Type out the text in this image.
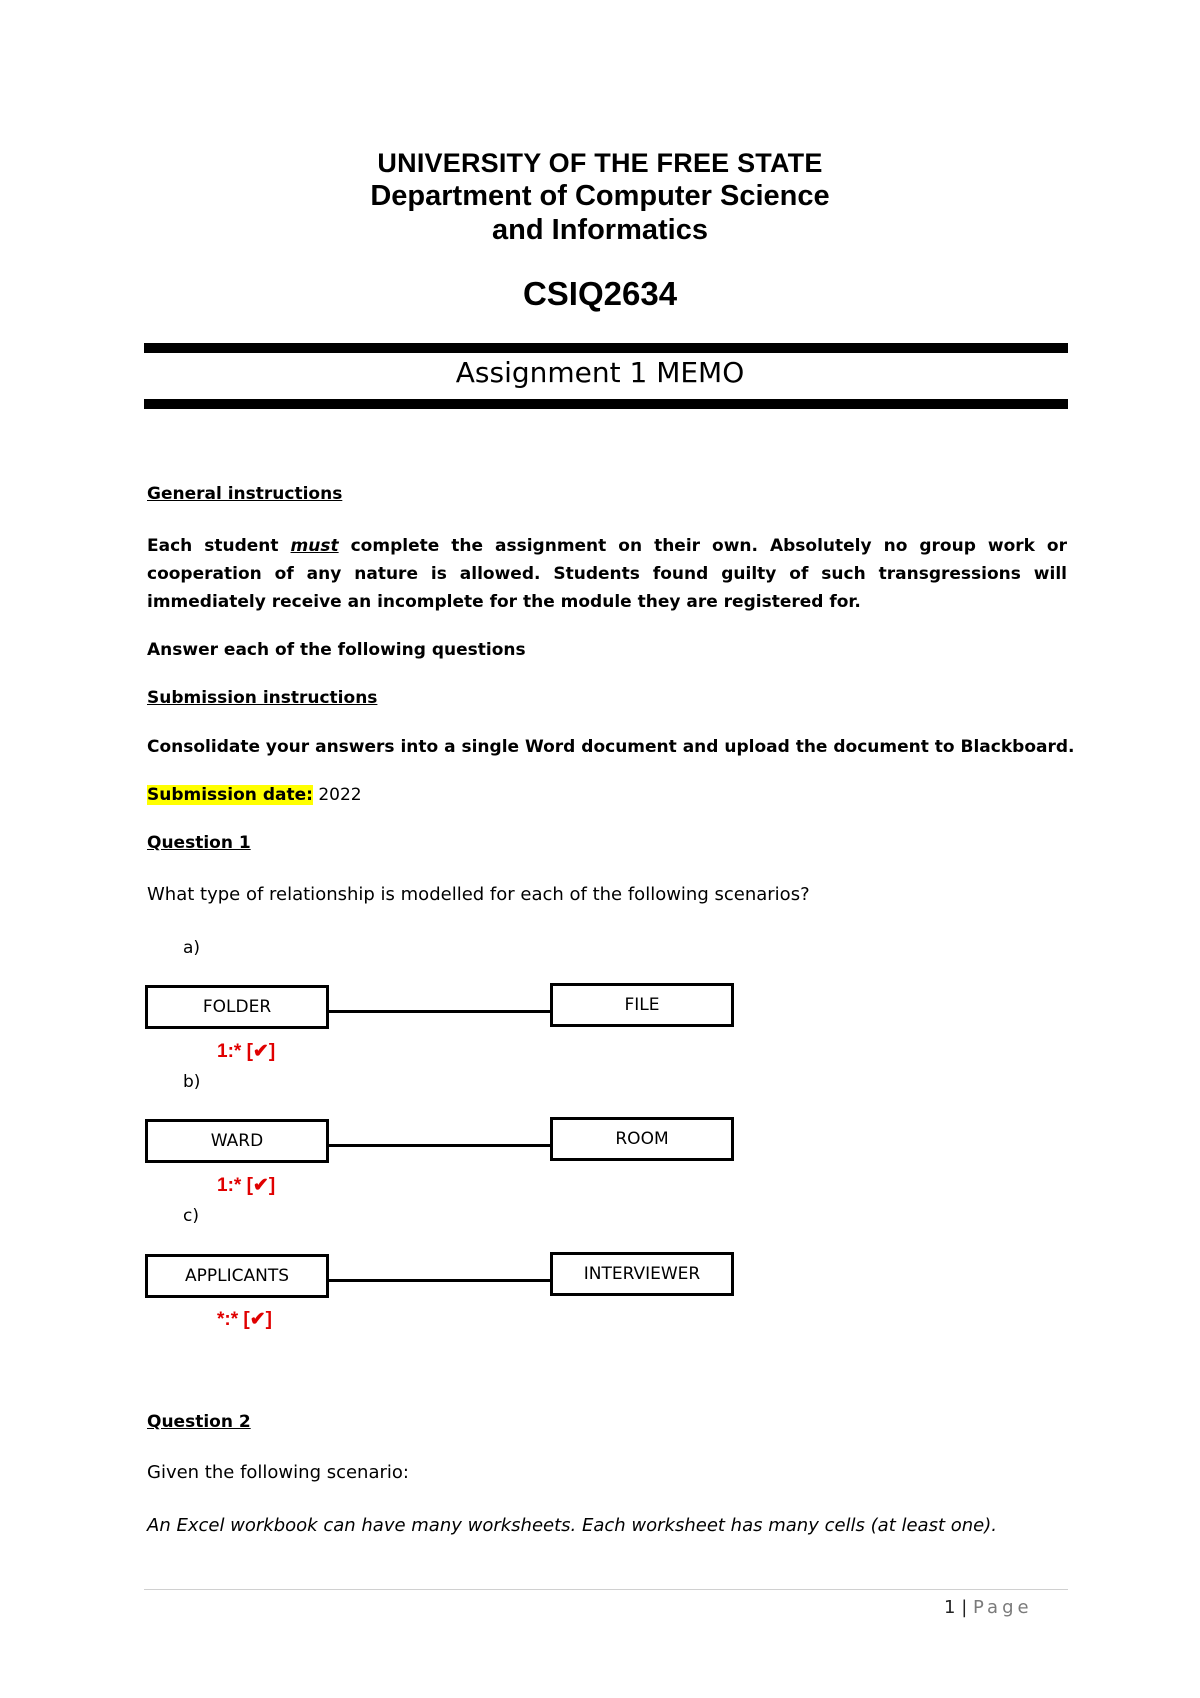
UNIVERSITY OF THE FREE STATE
Department of Computer Science
and Informatics
CSIQ2634
Assignment 1 MEMO
General instructions
Each student must complete the assignment on their own. Absolutely no group work or cooperation of any nature is allowed. Students found guilty of such transgressions will immediately receive an incomplete for the module they are registered for.
Answer each of the following questions
Submission instructions
Consolidate your answers into a single Word document and upload the document to Blackboard.
Submission date: 2022
Question 1
What type of relationship is modelled for each of the following scenarios?
a)
FOLDER	FILE
1:* [✔]
b)
WARD	ROOM
1:* [✔]
c)
APPLICANTS	INTERVIEWER
*:* [✔]
Question 2
Given the following scenario:
An Excel workbook can have many worksheets. Each worksheet has many cells (at least one).
1 | Page
